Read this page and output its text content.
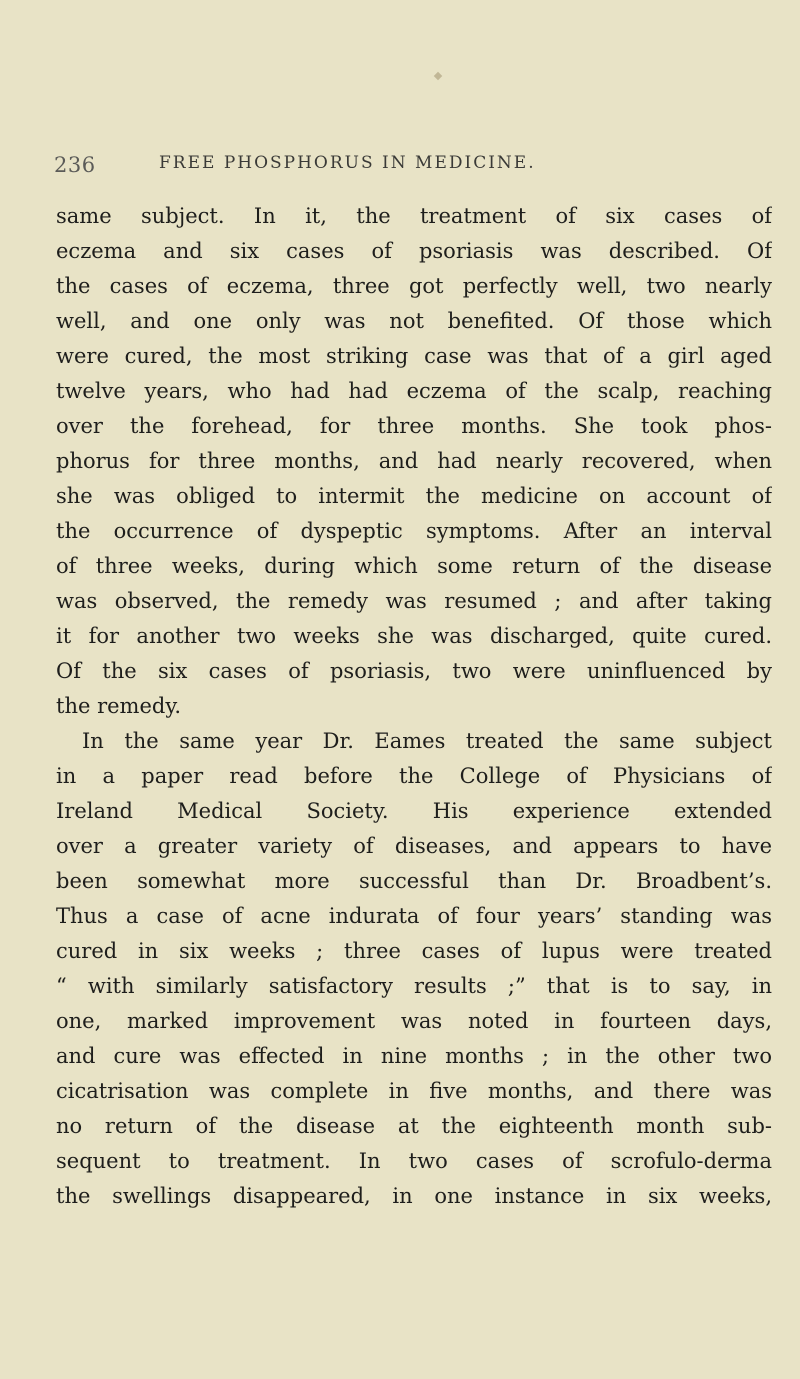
236	FREE PHOSPHORUS IN MEDICINE.
same subject. In it, the treatment of six cases of
eczema and six cases of psoriasis was described. Of
the cases of eczema, three got perfectly well, two nearly
well, and one only was not benefited. Of those which
were cured, the most striking case was that of a girl aged
twelve years, who had had eczema of the scalp, reaching
over the forehead, for three months. She took phos-
phorus for three months, and had nearly recovered, when
she was obliged to intermit the medicine on account of
the occurrence of dyspeptic symptoms. After an interval
of three weeks, during which some return of the disease
was observed, the remedy was resumed ; and after taking
it for another two weeks she was discharged, quite cured.
Of the six cases of psoriasis, two were uninfluenced by
the remedy.
In the same year Dr. Eames treated the same subject
in a paper read before the College of Physicians of
Ireland Medical Society. His experience extended
over a greater variety of diseases, and appears to have
been somewhat more successful than Dr. Broadbent’s.
Thus a case of acne indurata of four years’ standing was
cured in six weeks ; three cases of lupus were treated
“ with similarly satisfactory results ;” that is to say, in
one, marked improvement was noted in fourteen days,
and cure was effected in nine months ; in the other two
cicatrisation was complete in five months, and there was
no return of the disease at the eighteenth month sub-
sequent to treatment. In two cases of scrofulo-derma
the swellings disappeared, in one instance in six weeks,
